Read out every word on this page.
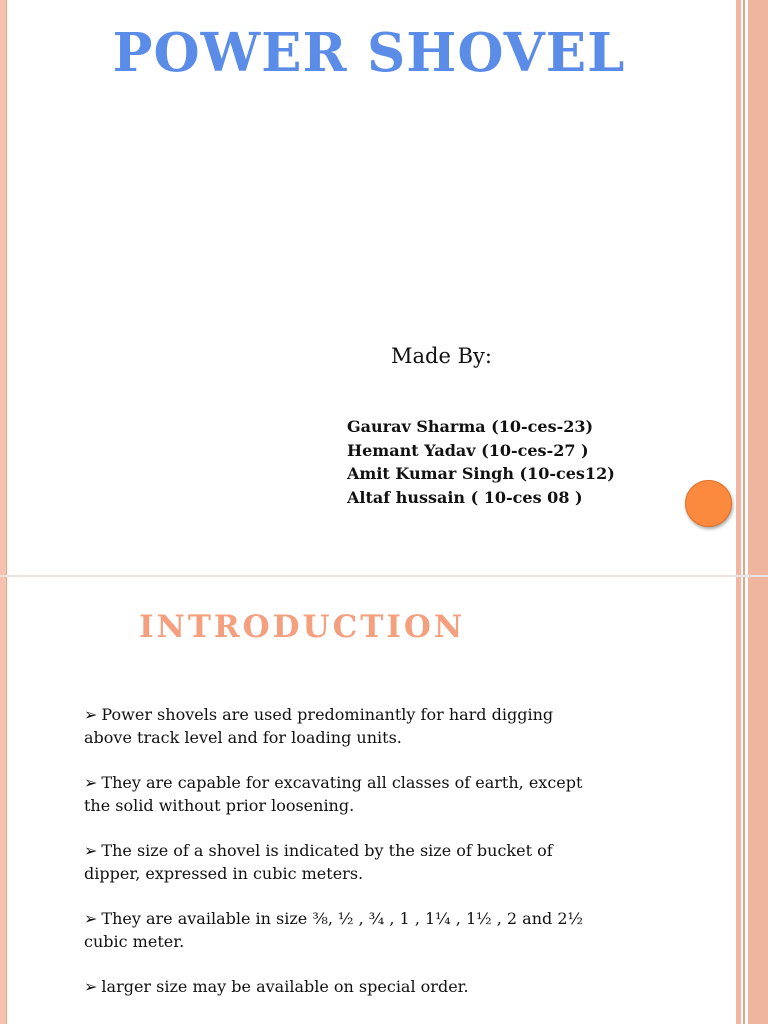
POWER SHOVEL
Made By:
Gaurav Sharma (10-ces-23)
Hemant Yadav (10-ces-27 )
Amit Kumar Singh (10-ces12)
Altaf hussain ( 10-ces 08 )
INTRODUCTION
➢ Power shovels are used predominantly for hard digging
above track level and for loading units.
➢ They are capable for excavating all classes of earth, except
the solid without prior loosening.
➢ The size of a shovel is indicated by the size of bucket of
dipper, expressed in cubic meters.
➢ They are available in size ⅜, ½ , ¾ , 1 , 1¼ , 1½ , 2 and 2½
cubic meter.
➢ larger size may be available on special order.
